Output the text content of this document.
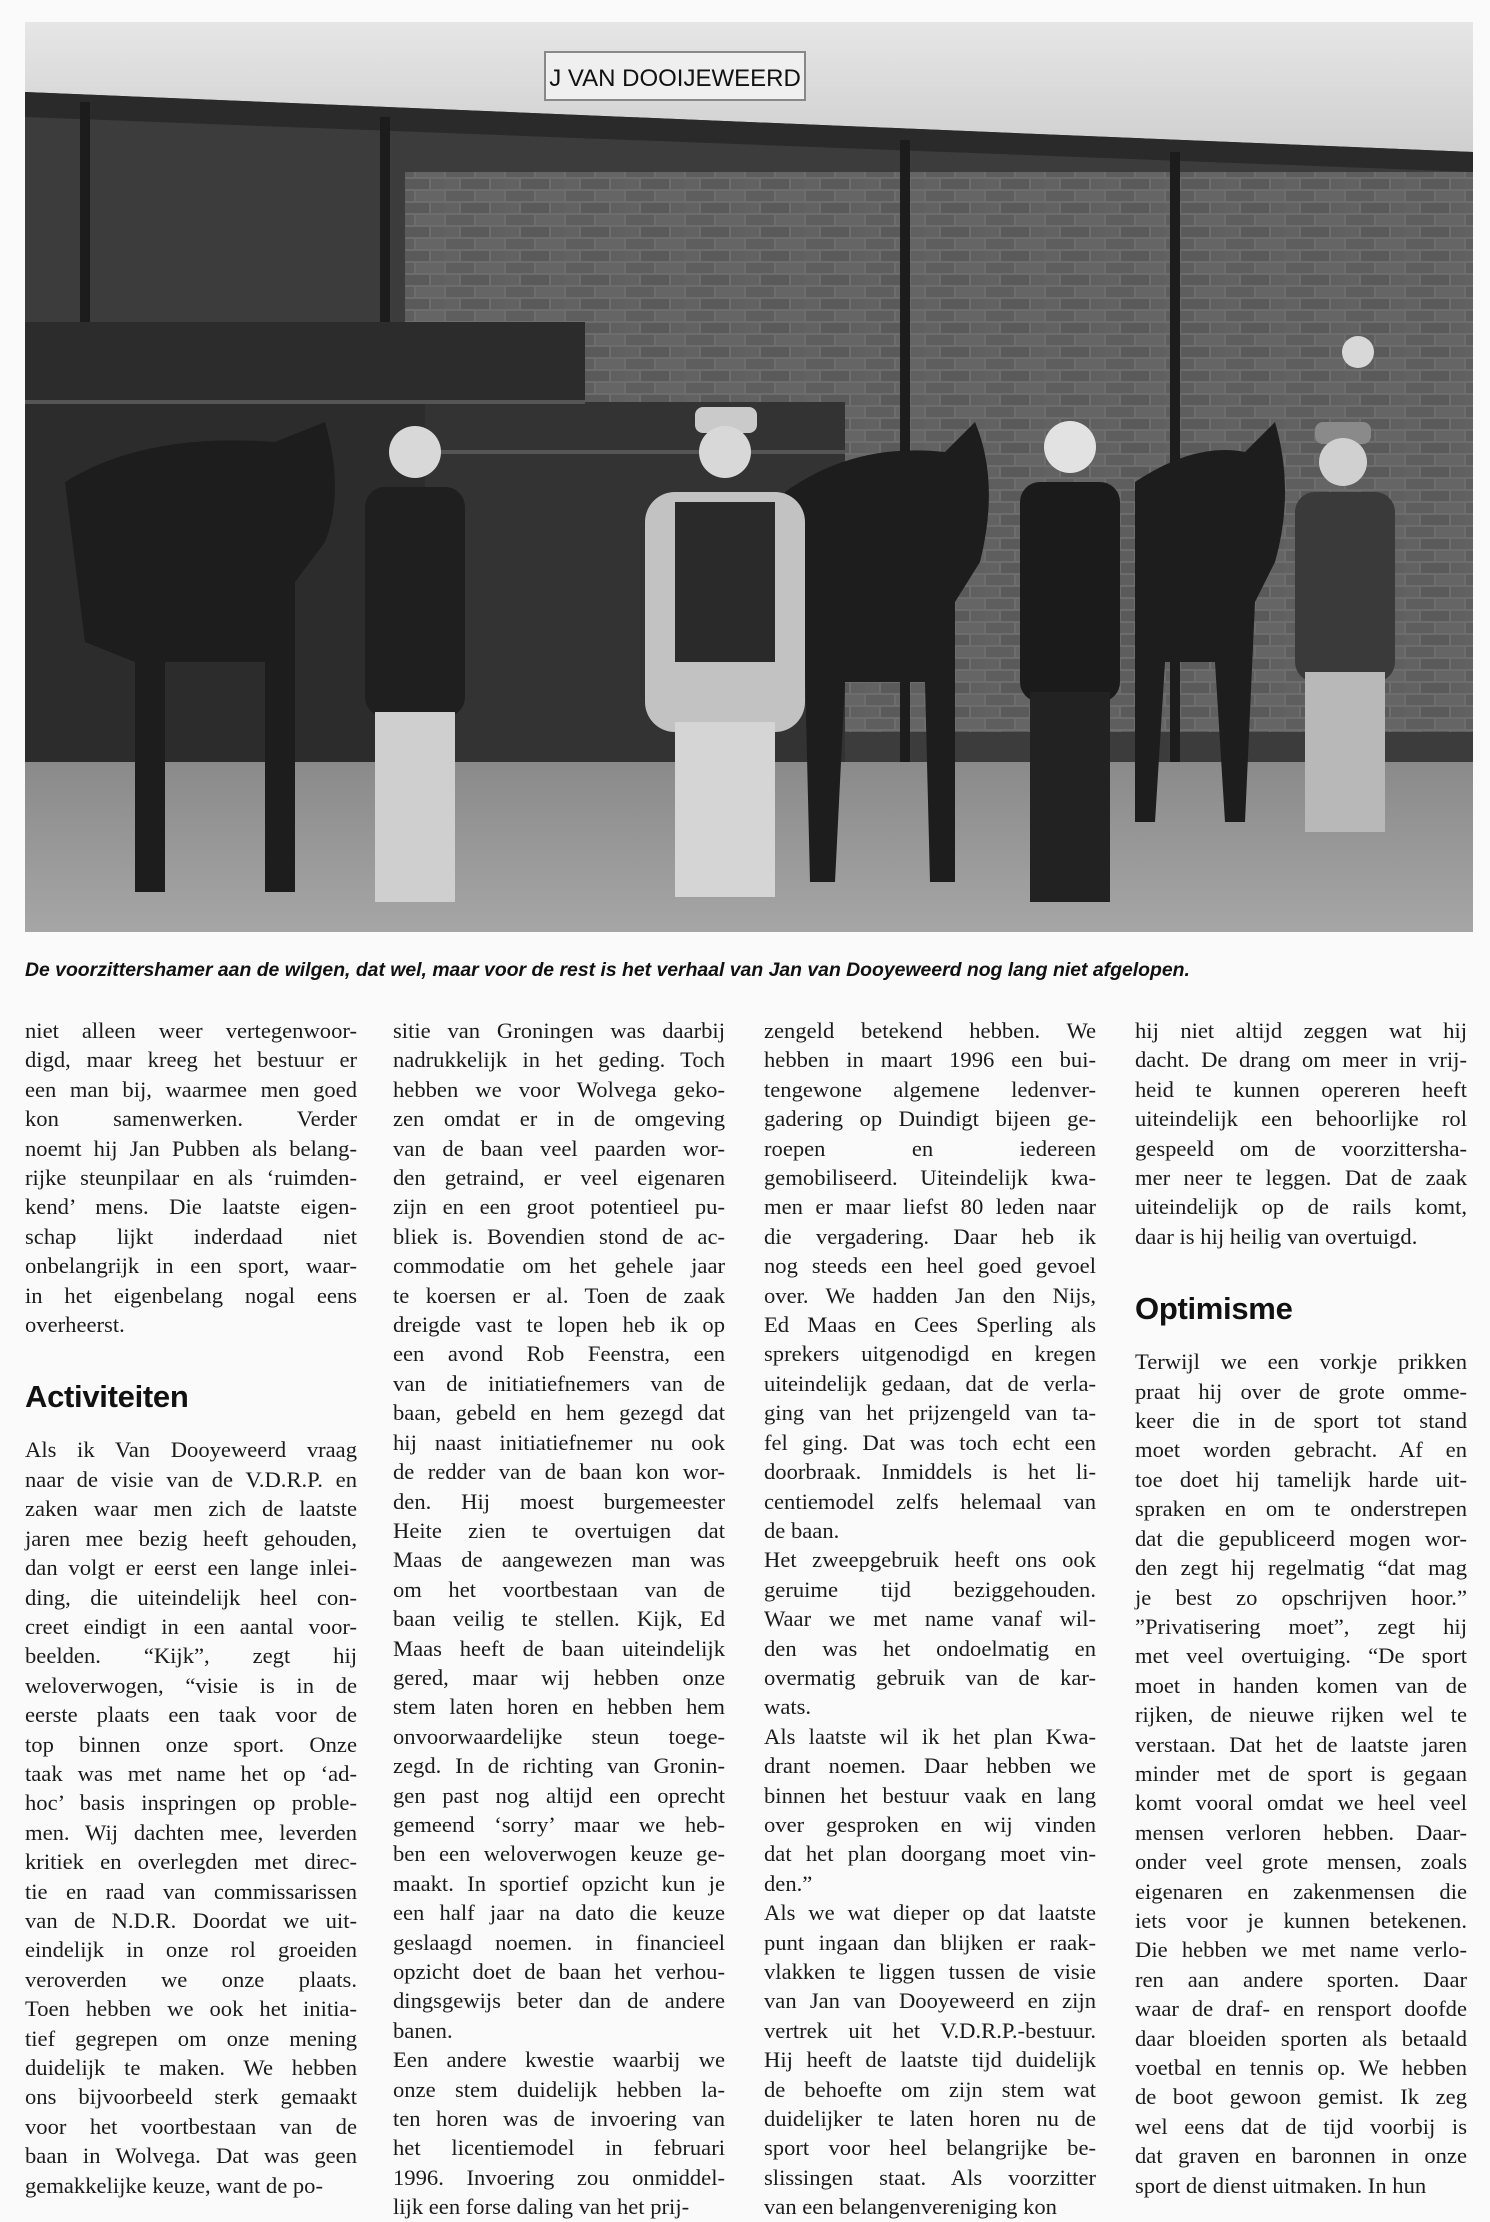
J VAN DOOIJEWEERD
De voorzittershamer aan de wilgen, dat wel, maar voor de rest is het verhaal van Jan van Dooyeweerd nog lang niet afgelopen.
niet alleen weer vertegenwoor-
digd, maar kreeg het bestuur er
een man bij, waarmee men goed
kon samenwerken. Verder
noemt hij Jan Pubben als belang-
rijke steunpilaar en als ‘ruimden-
kend’ mens. Die laatste eigen-
schap lijkt inderdaad niet
onbelangrijk in een sport, waar-
in het eigenbelang nogal eens
overheerst.
Activiteiten
Als ik Van Dooyeweerd vraag
naar de visie van de V.D.R.P. en
zaken waar men zich de laatste
jaren mee bezig heeft gehouden,
dan volgt er eerst een lange inlei-
ding, die uiteindelijk heel con-
creet eindigt in een aantal voor-
beelden. “Kijk”, zegt hij
weloverwogen, “visie is in de
eerste plaats een taak voor de
top binnen onze sport. Onze
taak was met name het op ‘ad-
hoc’ basis inspringen op proble-
men. Wij dachten mee, leverden
kritiek en overlegden met direc-
tie en raad van commissarissen
van de N.D.R. Doordat we uit-
eindelijk in onze rol groeiden
veroverden we onze plaats.
Toen hebben we ook het initia-
tief gegrepen om onze mening
duidelijk te maken. We hebben
ons bijvoorbeeld sterk gemaakt
voor het voortbestaan van de
baan in Wolvega. Dat was geen
gemakkelijke keuze, want de po-
sitie van Groningen was daarbij
nadrukkelijk in het geding. Toch
hebben we voor Wolvega geko-
zen omdat er in de omgeving
van de baan veel paarden wor-
den getraind, er veel eigenaren
zijn en een groot potentieel pu-
bliek is. Bovendien stond de ac-
commodatie om het gehele jaar
te koersen er al. Toen de zaak
dreigde vast te lopen heb ik op
een avond Rob Feenstra, een
van de initiatiefnemers van de
baan, gebeld en hem gezegd dat
hij naast initiatiefnemer nu ook
de redder van de baan kon wor-
den. Hij moest burgemeester
Heite zien te overtuigen dat
Maas de aangewezen man was
om het voortbestaan van de
baan veilig te stellen. Kijk, Ed
Maas heeft de baan uiteindelijk
gered, maar wij hebben onze
stem laten horen en hebben hem
onvoorwaardelijke steun toege-
zegd. In de richting van Gronin-
gen past nog altijd een oprecht
gemeend ‘sorry’ maar we heb-
ben een weloverwogen keuze ge-
maakt. In sportief opzicht kun je
een half jaar na dato die keuze
geslaagd noemen. in financieel
opzicht doet de baan het verhou-
dingsgewijs beter dan de andere
banen.
Een andere kwestie waarbij we
onze stem duidelijk hebben la-
ten horen was de invoering van
het licentiemodel in februari
1996. Invoering zou onmiddel-
lijk een forse daling van het prij-
zengeld betekend hebben. We
hebben in maart 1996 een bui-
tengewone algemene ledenver-
gadering op Duindigt bijeen ge-
roepen en iedereen
gemobiliseerd. Uiteindelijk kwa-
men er maar liefst 80 leden naar
die vergadering. Daar heb ik
nog steeds een heel goed gevoel
over. We hadden Jan den Nijs,
Ed Maas en Cees Sperling als
sprekers uitgenodigd en kregen
uiteindelijk gedaan, dat de verla-
ging van het prijzengeld van ta-
fel ging. Dat was toch echt een
doorbraak. Inmiddels is het li-
centiemodel zelfs helemaal van
de baan.
Het zweepgebruik heeft ons ook
geruime tijd beziggehouden.
Waar we met name vanaf wil-
den was het ondoelmatig en
overmatig gebruik van de kar-
wats.
Als laatste wil ik het plan Kwa-
drant noemen. Daar hebben we
binnen het bestuur vaak en lang
over gesproken en wij vinden
dat het plan doorgang moet vin-
den.”
Als we wat dieper op dat laatste
punt ingaan dan blijken er raak-
vlakken te liggen tussen de visie
van Jan van Dooyeweerd en zijn
vertrek uit het V.D.R.P.-bestuur.
Hij heeft de laatste tijd duidelijk
de behoefte om zijn stem wat
duidelijker te laten horen nu de
sport voor heel belangrijke be-
slissingen staat. Als voorzitter
van een belangenvereniging kon
hij niet altijd zeggen wat hij
dacht. De drang om meer in vrij-
heid te kunnen opereren heeft
uiteindelijk een behoorlijke rol
gespeeld om de voorzittersha-
mer neer te leggen. Dat de zaak
uiteindelijk op de rails komt,
daar is hij heilig van overtuigd.
Optimisme
Terwijl we een vorkje prikken
praat hij over de grote omme-
keer die in de sport tot stand
moet worden gebracht. Af en
toe doet hij tamelijk harde uit-
spraken en om te onderstrepen
dat die gepubliceerd mogen wor-
den zegt hij regelmatig “dat mag
je best zo opschrijven hoor.”
”Privatisering moet”, zegt hij
met veel overtuiging. “De sport
moet in handen komen van de
rijken, de nieuwe rijken wel te
verstaan. Dat het de laatste jaren
minder met de sport is gegaan
komt vooral omdat we heel veel
mensen verloren hebben. Daar-
onder veel grote mensen, zoals
eigenaren en zakenmensen die
iets voor je kunnen betekenen.
Die hebben we met name verlo-
ren aan andere sporten. Daar
waar de draf- en rensport doofde
daar bloeiden sporten als betaald
voetbal en tennis op. We hebben
de boot gewoon gemist. Ik zeg
wel eens dat de tijd voorbij is
dat graven en baronnen in onze
sport de dienst uitmaken. In hun
